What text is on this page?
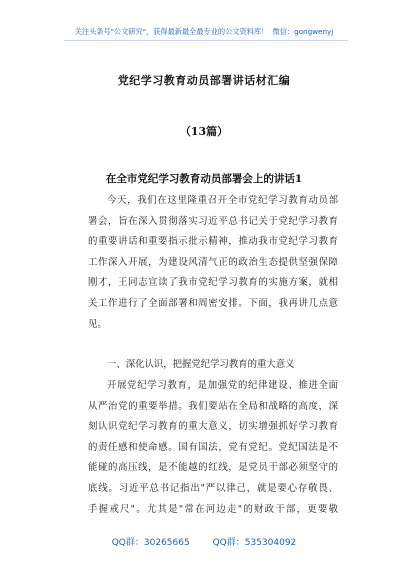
关注头条号"公文研究"，获得最新最全最专业的公文资料库！ 微信：gongwenyj
党纪学习教育动员部署讲话材汇编
（13篇）
在全市党纪学习教育动员部署会上的讲话1
今天，我们在这里隆重召开全市党纪学习教育动员部
署会，旨在深入贯彻落实习近平总书记关于党纪学习教育
的重要讲话和重要指示批示精神，推动我市党纪学习教育
工作深入开展，为建设风清气正的政治生态提供坚强保障
刚才，王同志宣读了我市党纪学习教育的实施方案，就相
关工作进行了全面部署和周密安排。下面，我再讲几点意
见。
一、深化认识，把握党纪学习教育的重大意义
开展党纪学习教育，是加强党的纪律建设、推进全面
从严治党的重要举措。我们要站在全局和战略的高度，深
刻认识党纪学习教育的重大意义，切实增强抓好学习教育
的责任感和使命感。国有国法，党有党纪。党纪国法是不
能碰的高压线，是不能越的红线，是党员干部必须坚守的
底线。习近平总书记指出"严以律己，就是要心存敬畏、
手握戒尺"。尤其是"常在河边走"的财政干部，更要敬
QQ群：30265665	QQ群：535304092
